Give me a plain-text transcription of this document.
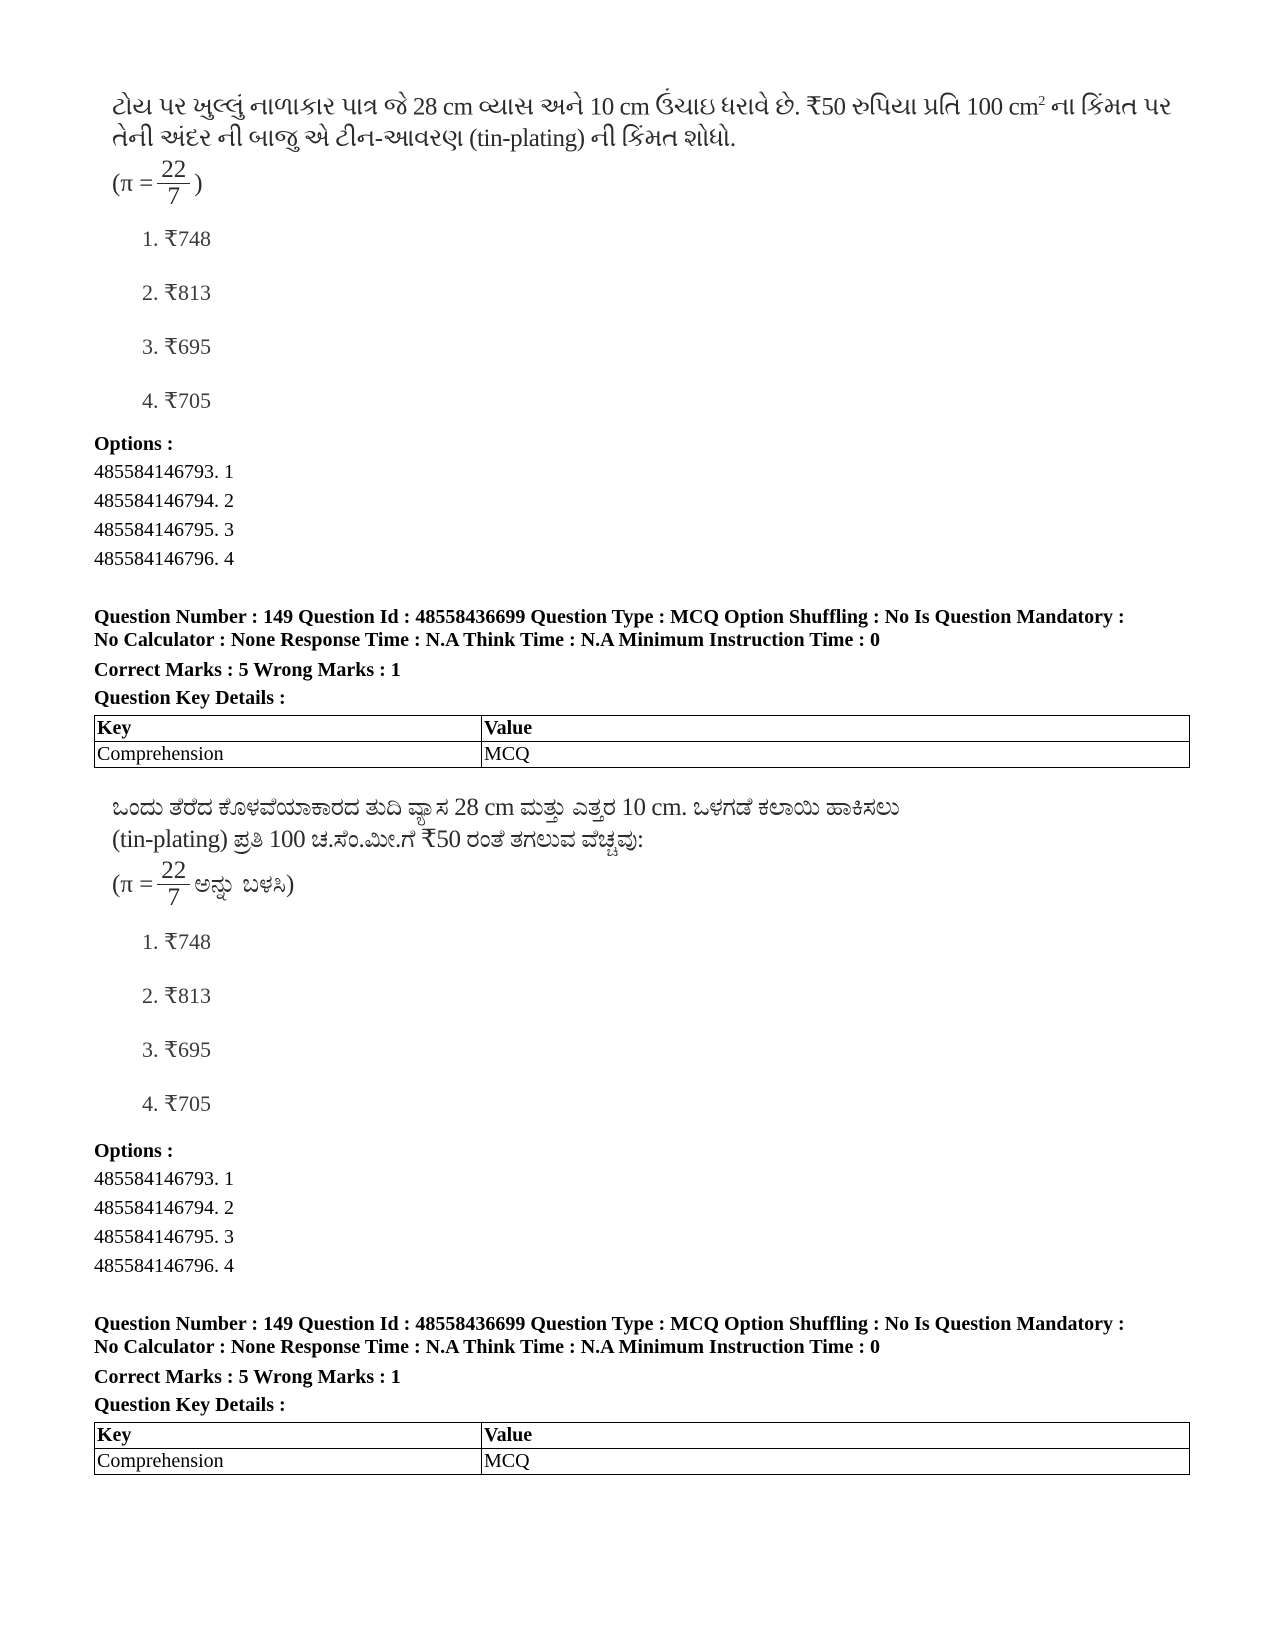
ટોય પર ખુલ્લું નાળાકાર પાત્ર જે 28 cm વ્યાસ અને 10 cm ઉંચાઇ ધરાવે છે. ₹50 રુપિયા પ્રતિ 100 $cm^2$ ના કિંમત પર
તેની અંદર ની બાજુ એ ટીન-આવરણ (tin-plating) ની કિંમત શોધો.
($\pi = \frac{22}{7}$ )
1. ₹748
2. ₹813
3. ₹695
4. ₹705
Options :
485584146793. 1
485584146794. 2
485584146795. 3
485584146796. 4
Question Number : 149 Question Id : 48558436699 Question Type : MCQ Option Shuffling : No Is Question Mandatory :
No Calculator : None Response Time : N.A Think Time : N.A Minimum Instruction Time : 0
Correct Marks : 5 Wrong Marks : 1
Question Key Details :
Key	Value
Comprehension	MCQ
ಒಂದು ತೆರೆದ ಕೊಳವೆಯಾಕಾರದ ತುದಿ ವ್ಯಾಸ 28 cm ಮತ್ತು ಎತ್ತರ 10 cm. ಒಳಗಡೆ ಕಲಾಯಿ ಹಾಕಿಸಲು
(tin-plating) ಪ್ರತಿ 100 ಚ.ಸೆಂ.ಮೀ.ಗೆ ₹50 ರಂತೆ ತಗಲುವ ವೆಚ್ಚವು:
($\pi = \frac{22}{7}$ ಅನ್ನು ಬಳಸಿ)
1. ₹748
2. ₹813
3. ₹695
4. ₹705
Options :
485584146793. 1
485584146794. 2
485584146795. 3
485584146796. 4
Question Number : 149 Question Id : 48558436699 Question Type : MCQ Option Shuffling : No Is Question Mandatory :
No Calculator : None Response Time : N.A Think Time : N.A Minimum Instruction Time : 0
Correct Marks : 5 Wrong Marks : 1
Question Key Details :
Key	Value
Comprehension	MCQ
